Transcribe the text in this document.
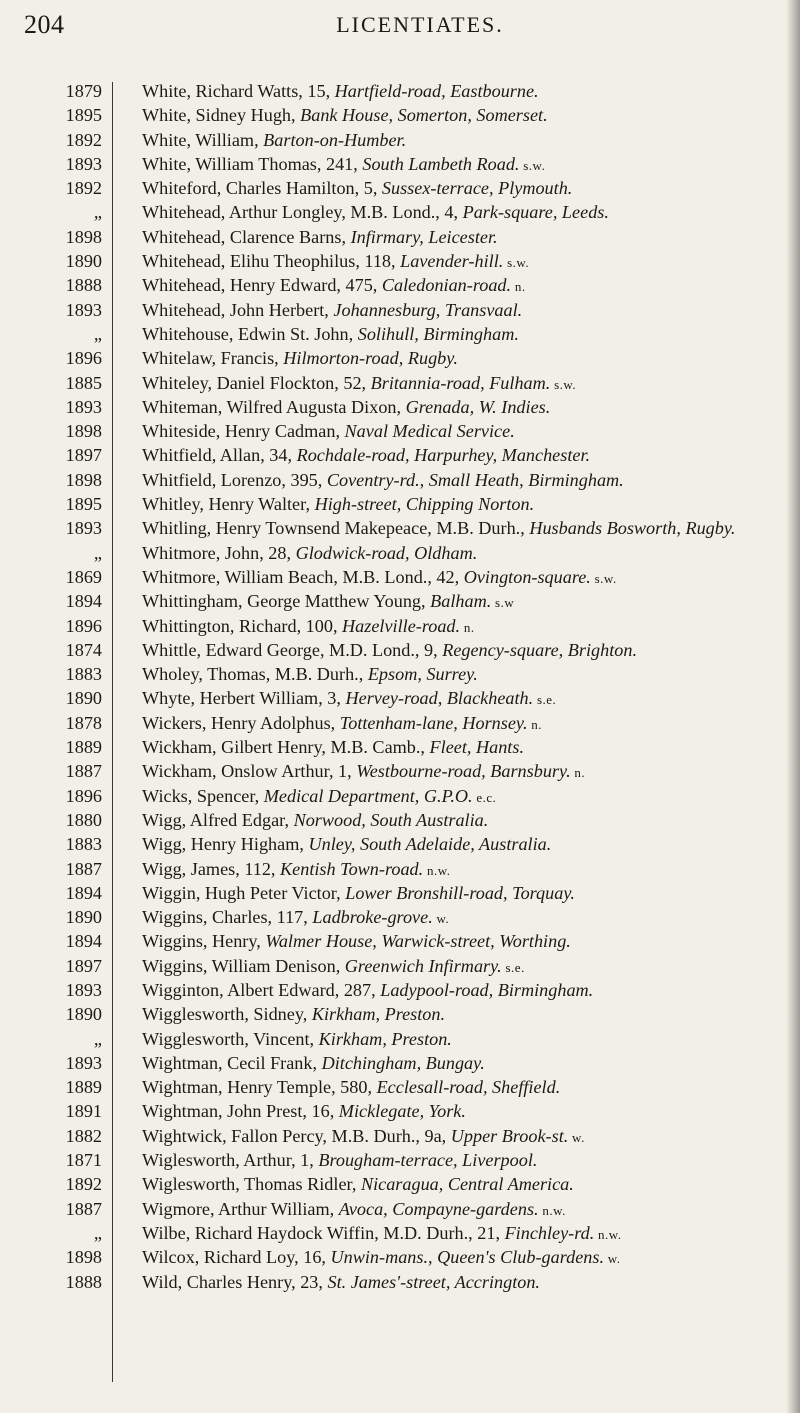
204	LICENTIATES.
1879	White, Richard Watts, 15, Hartfield-road, Eastbourne.
1895	White, Sidney Hugh, Bank House, Somerton, Somerset.
1892	White, William, Barton-on-Humber.
1893	White, William Thomas, 241, South Lambeth Road. s.w.
1892	Whiteford, Charles Hamilton, 5, Sussex-terrace, Plymouth.
„	Whitehead, Arthur Longley, M.B. Lond., 4, Park-square, Leeds.
1898	Whitehead, Clarence Barns, Infirmary, Leicester.
1890	Whitehead, Elihu Theophilus, 118, Lavender-hill. s.w.
1888	Whitehead, Henry Edward, 475, Caledonian-road. n.
1893	Whitehead, John Herbert, Johannesburg, Transvaal.
„	Whitehouse, Edwin St. John, Solihull, Birmingham.
1896	Whitelaw, Francis, Hilmorton-road, Rugby.
1885	Whiteley, Daniel Flockton, 52, Britannia-road, Fulham. s.w.
1893	Whiteman, Wilfred Augusta Dixon, Grenada, W. Indies.
1898	Whiteside, Henry Cadman, Naval Medical Service.
1897	Whitfield, Allan, 34, Rochdale-road, Harpurhey, Manchester.
1898	Whitfield, Lorenzo, 395, Coventry-rd., Small Heath, Birmingham.
1895	Whitley, Henry Walter, High-street, Chipping Norton.
1893	Whitling, Henry Townsend Makepeace, M.B. Durh., Husbands Bosworth, Rugby.
„	Whitmore, John, 28, Glodwick-road, Oldham.
1869	Whitmore, William Beach, M.B. Lond., 42, Ovington-square. s.w.
1894	Whittingham, George Matthew Young, Balham. s.w
1896	Whittington, Richard, 100, Hazelville-road. n.
1874	Whittle, Edward George, M.D. Lond., 9, Regency-square, Brighton.
1883	Wholey, Thomas, M.B. Durh., Epsom, Surrey.
1890	Whyte, Herbert William, 3, Hervey-road, Blackheath. s.e.
1878	Wickers, Henry Adolphus, Tottenham-lane, Hornsey. n.
1889	Wickham, Gilbert Henry, M.B. Camb., Fleet, Hants.
1887	Wickham, Onslow Arthur, 1, Westbourne-road, Barnsbury. n.
1896	Wicks, Spencer, Medical Department, G.P.O. e.c.
1880	Wigg, Alfred Edgar, Norwood, South Australia.
1883	Wigg, Henry Higham, Unley, South Adelaide, Australia.
1887	Wigg, James, 112, Kentish Town-road. n.w.
1894	Wiggin, Hugh Peter Victor, Lower Bronshill-road, Torquay.
1890	Wiggins, Charles, 117, Ladbroke-grove. w.
1894	Wiggins, Henry, Walmer House, Warwick-street, Worthing.
1897	Wiggins, William Denison, Greenwich Infirmary. s.e.
1893	Wigginton, Albert Edward, 287, Ladypool-road, Birmingham.
1890	Wigglesworth, Sidney, Kirkham, Preston.
„	Wigglesworth, Vincent, Kirkham, Preston.
1893	Wightman, Cecil Frank, Ditchingham, Bungay.
1889	Wightman, Henry Temple, 580, Ecclesall-road, Sheffield.
1891	Wightman, John Prest, 16, Micklegate, York.
1882	Wightwick, Fallon Percy, M.B. Durh., 9a, Upper Brook-st. w.
1871	Wiglesworth, Arthur, 1, Brougham-terrace, Liverpool.
1892	Wiglesworth, Thomas Ridler, Nicaragua, Central America.
1887	Wigmore, Arthur William, Avoca, Compayne-gardens. n.w.
„	Wilbe, Richard Haydock Wiffin, M.D. Durh., 21, Finchley-rd. n.w.
1898	Wilcox, Richard Loy, 16, Unwin-mans., Queen's Club-gardens. w.
1888	Wild, Charles Henry, 23, St. James'-street, Accrington.
